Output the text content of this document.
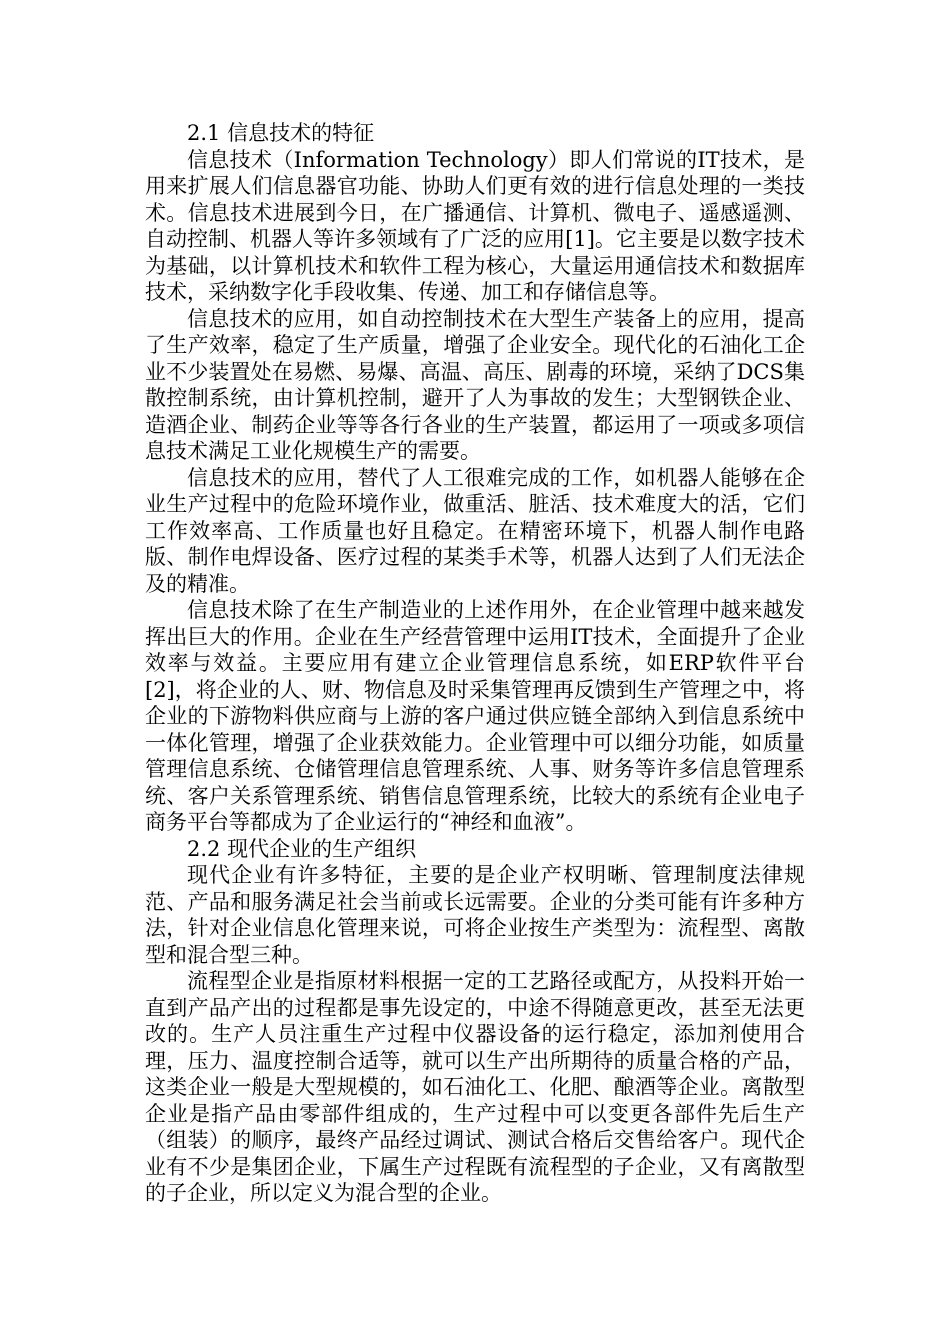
2.1 信息技术的特征

信息技术（Information Technology）即人们常说的IT技术，是用来扩展人们信息器官功能、协助人们更有效的进行信息处理的一类技术。信息技术进展到今日，在广播通信、计算机、微电子、遥感遥测、自动控制、机器人等许多领域有了广泛的应用[1]。它主要是以数字技术为基础，以计算机技术和软件工程为核心，大量运用通信技术和数据库技术，采纳数字化手段收集、传递、加工和存储信息等。

信息技术的应用，如自动控制技术在大型生产装备上的应用，提高了生产效率，稳定了生产质量，增强了企业安全。现代化的石油化工企业不少装置处在易燃、易爆、高温、高压、剧毒的环境，采纳了DCS集散控制系统，由计算机控制，避开了人为事故的发生；大型钢铁企业、造酒企业、制药企业等等各行各业的生产装置，都运用了一项或多项信息技术满足工业化规模生产的需要。

信息技术的应用，替代了人工很难完成的工作，如机器人能够在企业生产过程中的危险环境作业，做重活、脏活、技术难度大的活，它们工作效率高、工作质量也好且稳定。在精密环境下，机器人制作电路版、制作电焊设备、医疗过程的某类手术等，机器人达到了人们无法企及的精准。

信息技术除了在生产制造业的上述作用外，在企业管理中越来越发挥出巨大的作用。企业在生产经营管理中运用IT技术，全面提升了企业效率与效益。主要应用有建立企业管理信息系统，如ERP软件平台[2]，将企业的人、财、物信息及时采集管理再反馈到生产管理之中，将企业的下游物料供应商与上游的客户通过供应链全部纳入到信息系统中一体化管理，增强了企业获效能力。企业管理中可以细分功能，如质量管理信息系统、仓储管理信息管理系统、人事、财务等许多信息管理系统、客户关系管理系统、销售信息管理系统，比较大的系统有企业电子商务平台等都成为了企业运行的“神经和血液”。

2.2 现代企业的生产组织

现代企业有许多特征，主要的是企业产权明晰、管理制度法律规范、产品和服务满足社会当前或长远需要。企业的分类可能有许多种方法，针对企业信息化管理来说，可将企业按生产类型为：流程型、离散型和混合型三种。

流程型企业是指原材料根据一定的工艺路径或配方，从投料开始一直到产品产出的过程都是事先设定的，中途不得随意更改，甚至无法更改的。生产人员注重生产过程中仪器设备的运行稳定，添加剂使用合理，压力、温度控制合适等，就可以生产出所期待的质量合格的产品，这类企业一般是大型规模的，如石油化工、化肥、酿酒等企业。离散型企业是指产品由零部件组成的，生产过程中可以变更各部件先后生产（组装）的顺序，最终产品经过调试、测试合格后交售给客户。现代企业有不少是集团企业，下属生产过程既有流程型的子企业，又有离散型的子企业，所以定义为混合型的企业。
